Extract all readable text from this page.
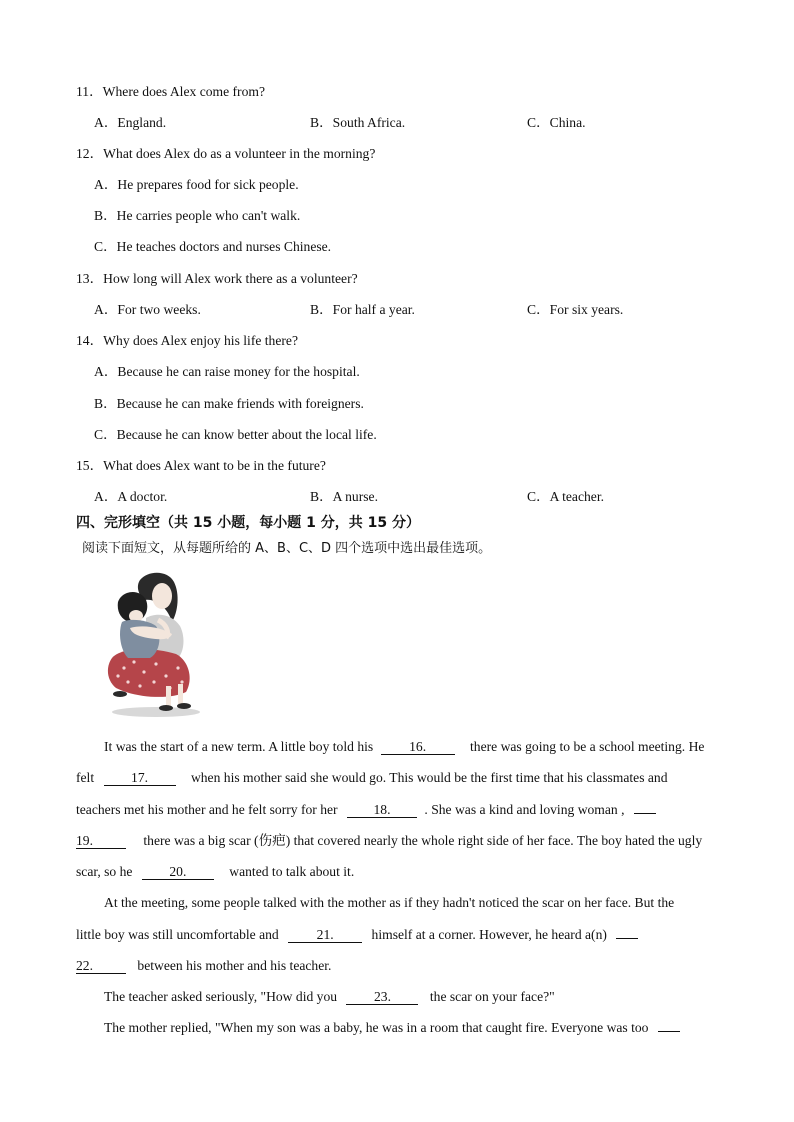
11．Where does Alex come from?
A．England.	B．South Africa.	C．China.
12．What does Alex do as a volunteer in the morning?
A．He prepares food for sick people.
B．He carries people who can't walk.
C．He teaches doctors and nurses Chinese.
13．How long will Alex work there as a volunteer?
A．For two weeks.	B．For half a year.	C．For six years.
14．Why does Alex enjoy his life there?
A．Because he can raise money for the hospital.
B．Because he can make friends with foreigners.
C．Because he can know better about the local life.
15．What does Alex want to be in the future?
A．A doctor.	B．A nurse.	C．A teacher.
四、完形填空（共 15 小题，每小题 1 分，共 15 分）
阅读下面短文，从每题所给的 A、B、C、D 四个选项中选出最佳选项。
It was the start of a new term. A little boy told his	16.	there was going to be a school meeting. He
felt	17.	when his mother said she would go. This would be the first time that his classmates and
teachers met his mother and he felt sorry for her	18. . She was a kind and loving woman ,
19.	there was a big scar (伤疤) that covered nearly the whole right side of her face. The boy hated the ugly
scar, so he	20.	wanted to talk about it.
At the meeting, some people talked with the mother as if they hadn't noticed the scar on her face. But the
little boy was still uncomfortable and	21.	himself at a corner. However, he heard a(n)
22.	between his mother and his teacher.
The teacher asked seriously, "How did you	23.	the scar on your face?"
The mother replied, "When my son was a baby, he was in a room that caught fire. Everyone was too
